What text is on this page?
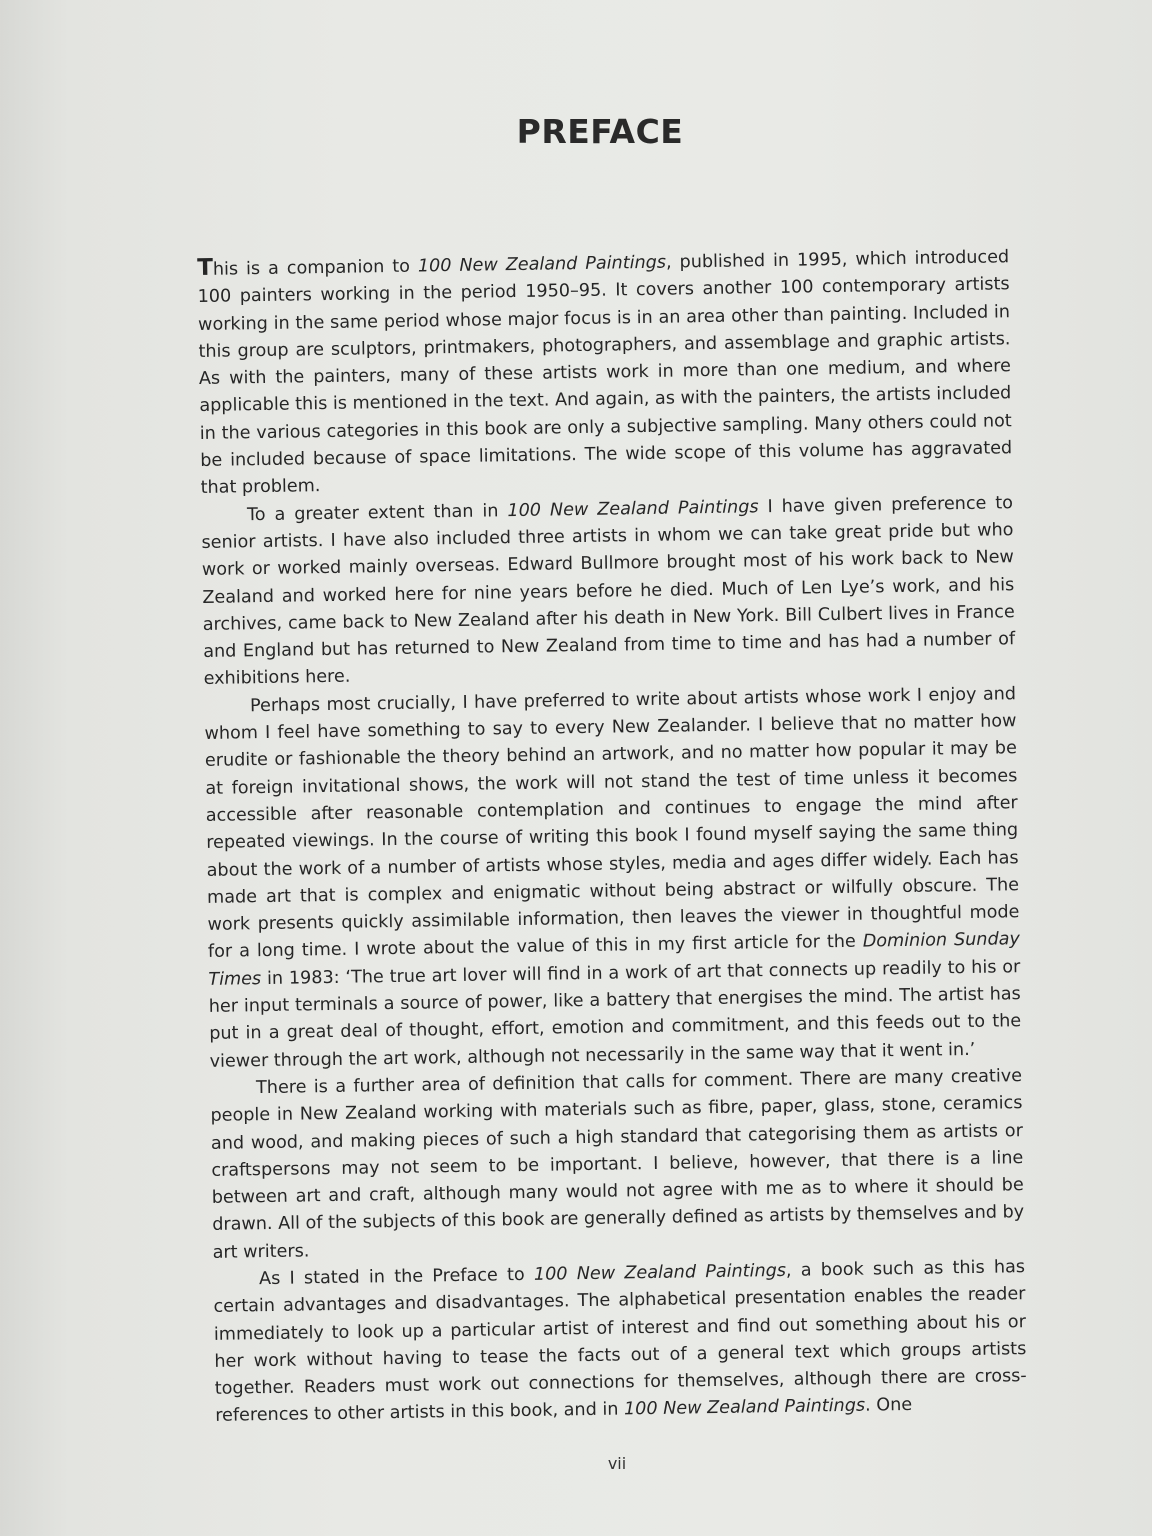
PREFACE

This is a companion to 100 New Zealand Paintings, published in 1995, which introduced 100 painters working in the period 1950–95. It covers another 100 contemporary artists working in the same period whose major focus is in an area other than painting. Included in this group are sculptors, printmakers, photographers, and assemblage and graphic artists. As with the painters, many of these artists work in more than one medium, and where applicable this is mentioned in the text. And again, as with the painters, the artists included in the various categories in this book are only a subjective sampling. Many others could not be included because of space limitations. The wide scope of this volume has aggravated that problem.

To a greater extent than in 100 New Zealand Paintings I have given preference to senior artists. I have also included three artists in whom we can take great pride but who work or worked mainly overseas. Edward Bullmore brought most of his work back to New Zealand and worked here for nine years before he died. Much of Len Lye’s work, and his archives, came back to New Zealand after his death in New York. Bill Culbert lives in France and England but has returned to New Zealand from time to time and has had a number of exhibitions here.

Perhaps most crucially, I have preferred to write about artists whose work I enjoy and whom I feel have something to say to every New Zealander. I believe that no matter how erudite or fashionable the theory behind an artwork, and no matter how popular it may be at foreign invitational shows, the work will not stand the test of time unless it becomes accessible after reasonable contemplation and continues to engage the mind after repeated viewings. In the course of writing this book I found myself saying the same thing about the work of a number of artists whose styles, media and ages differ widely. Each has made art that is complex and enigmatic without being abstract or wilfully obscure. The work presents quickly assimilable information, then leaves the viewer in thoughtful mode for a long time. I wrote about the value of this in my first article for the Dominion Sunday Times in 1983: ‘The true art lover will find in a work of art that connects up readily to his or her input terminals a source of power, like a battery that energises the mind. The artist has put in a great deal of thought, effort, emotion and commitment, and this feeds out to the viewer through the art work, although not necessarily in the same way that it went in.’

There is a further area of definition that calls for comment. There are many creative people in New Zealand working with materials such as fibre, paper, glass, stone, ceramics and wood, and making pieces of such a high standard that categorising them as artists or craftspersons may not seem to be important. I believe, however, that there is a line between art and craft, although many would not agree with me as to where it should be drawn. All of the subjects of this book are generally defined as artists by themselves and by art writers.

As I stated in the Preface to 100 New Zealand Paintings, a book such as this has certain advantages and disadvantages. The alphabetical presentation enables the reader immediately to look up a particular artist of interest and find out something about his or her work without having to tease the facts out of a general text which groups artists together. Readers must work out connections for themselves, although there are cross-references to other artists in this book, and in 100 New Zealand Paintings. One

vii
